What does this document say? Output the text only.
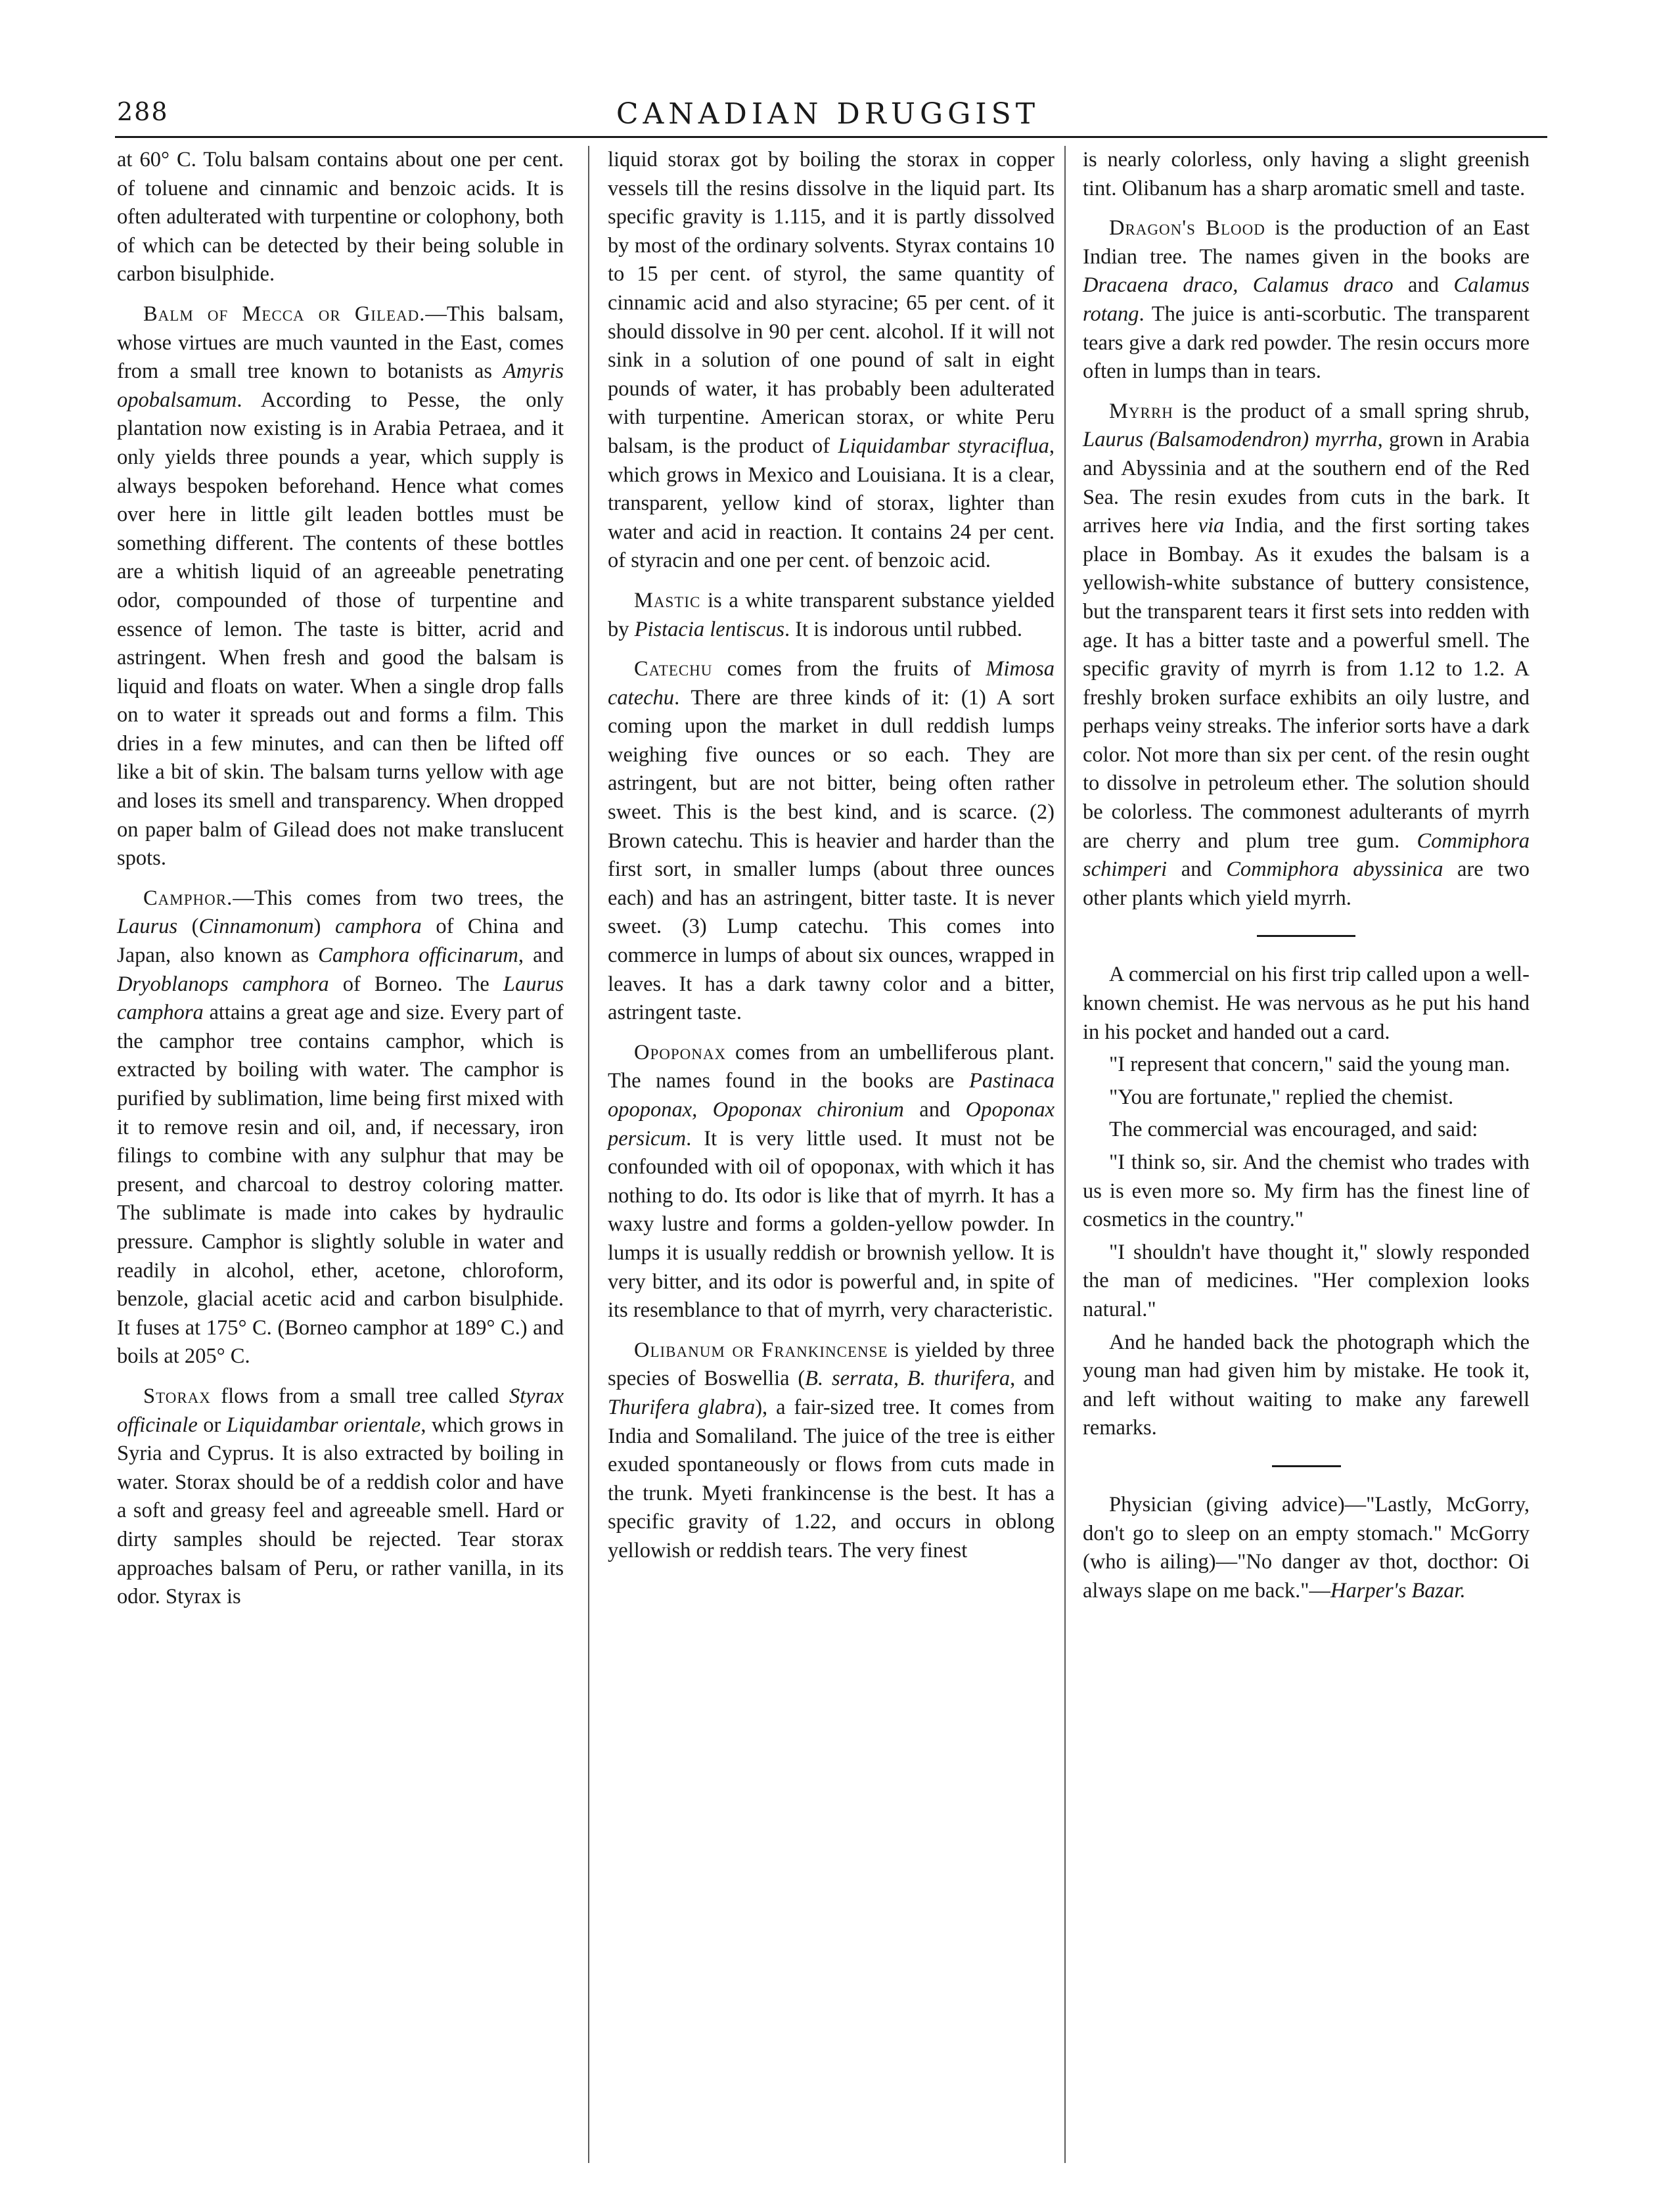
288	CANADIAN DRUGGIST

at 60° C. Tolu balsam contains about one per cent. of toluene and cinnamic and benzoic acids. It is often adulterated with turpentine or colophony, both of which can be detected by their being soluble in carbon bisulphide.

Balm of Mecca or Gilead.—This balsam, whose virtues are much vaunted in the East, comes from a small tree known to botanists as Amyris opobalsamum. According to Pesse, the only plantation now existing is in Arabia Petraea, and it only yields three pounds a year, which supply is always bespoken beforehand. Hence what comes over here in little gilt leaden bottles must be something different. The contents of these bottles are a whitish liquid of an agreeable penetrating odor, compounded of those of turpentine and essence of lemon. The taste is bitter, acrid and astringent. When fresh and good the balsam is liquid and floats on water. When a single drop falls on to water it spreads out and forms a film. This dries in a few minutes, and can then be lifted off like a bit of skin. The balsam turns yellow with age and loses its smell and transparency. When dropped on paper balm of Gilead does not make translucent spots.

Camphor.—This comes from two trees, the Laurus (Cinnamonum) camphora of China and Japan, also known as Camphora officinarum, and Dryoblanops camphora of Borneo. The Laurus camphora attains a great age and size. Every part of the camphor tree contains camphor, which is extracted by boiling with water. The camphor is purified by sublimation, lime being first mixed with it to remove resin and oil, and, if necessary, iron filings to combine with any sulphur that may be present, and charcoal to destroy coloring matter. The sublimate is made into cakes by hydraulic pressure. Camphor is slightly soluble in water and readily in alcohol, ether, acetone, chloroform, benzole, glacial acetic acid and carbon bisulphide. It fuses at 175° C. (Borneo camphor at 189° C.) and boils at 205° C.

Storax flows from a small tree called Styrax officinale or Liquidambar orientale, which grows in Syria and Cyprus. It is also extracted by boiling in water. Storax should be of a reddish color and have a soft and greasy feel and agreeable smell. Hard or dirty samples should be rejected. Tear storax approaches balsam of Peru, or rather vanilla, in its odor. Styrax is

liquid storax got by boiling the storax in copper vessels till the resins dissolve in the liquid part. Its specific gravity is 1.115, and it is partly dissolved by most of the ordinary solvents. Styrax contains 10 to 15 per cent. of styrol, the same quantity of cinnamic acid and also styracine; 65 per cent. of it should dissolve in 90 per cent. alcohol. If it will not sink in a solution of one pound of salt in eight pounds of water, it has probably been adulterated with turpentine. American storax, or white Peru balsam, is the product of Liquidambar styraciflua, which grows in Mexico and Louisiana. It is a clear, transparent, yellow kind of storax, lighter than water and acid in reaction. It contains 24 per cent. of styracin and one per cent. of benzoic acid.

Mastic is a white transparent substance yielded by Pistacia lentiscus. It is indorous until rubbed.

Catechu comes from the fruits of Mimosa catechu. There are three kinds of it: (1) A sort coming upon the market in dull reddish lumps weighing five ounces or so each. They are astringent, but are not bitter, being often rather sweet. This is the best kind, and is scarce. (2) Brown catechu. This is heavier and harder than the first sort, in smaller lumps (about three ounces each) and has an astringent, bitter taste. It is never sweet. (3) Lump catechu. This comes into commerce in lumps of about six ounces, wrapped in leaves. It has a dark tawny color and a bitter, astringent taste.

Opoponax comes from an umbelliferous plant. The names found in the books are Pastinaca opoponax, Opoponax chironium and Opoponax persicum. It is very little used. It must not be confounded with oil of opoponax, with which it has nothing to do. Its odor is like that of myrrh. It has a waxy lustre and forms a golden-yellow powder. In lumps it is usually reddish or brownish yellow. It is very bitter, and its odor is powerful and, in spite of its resemblance to that of myrrh, very characteristic.

Olibanum or Frankincense is yielded by three species of Boswellia (B. serrata, B. thurifera, and Thurifera glabra), a fair-sized tree. It comes from India and Somaliland. The juice of the tree is either exuded spontaneously or flows from cuts made in the trunk. Myeti frankincense is the best. It has a specific gravity of 1.22, and occurs in oblong yellowish or reddish tears. The very finest

is nearly colorless, only having a slight greenish tint. Olibanum has a sharp aromatic smell and taste.

Dragon's Blood is the production of an East Indian tree. The names given in the books are Dracaena draco, Calamus draco and Calamus rotang. The juice is anti-scorbutic. The transparent tears give a dark red powder. The resin occurs more often in lumps than in tears.

Myrrh is the product of a small spring shrub, Laurus (Balsamodendron) myrrha, grown in Arabia and Abyssinia and at the southern end of the Red Sea. The resin exudes from cuts in the bark. It arrives here via India, and the first sorting takes place in Bombay. As it exudes the balsam is a yellowish-white substance of buttery consistence, but the transparent tears it first sets into redden with age. It has a bitter taste and a powerful smell. The specific gravity of myrrh is from 1.12 to 1.2. A freshly broken surface exhibits an oily lustre, and perhaps veiny streaks. The inferior sorts have a dark color. Not more than six per cent. of the resin ought to dissolve in petroleum ether. The solution should be colorless. The commonest adulterants of myrrh are cherry and plum tree gum. Commiphora schimperi and Commiphora abyssinica are two other plants which yield myrrh.

A commercial on his first trip called upon a well-known chemist. He was nervous as he put his hand in his pocket and handed out a card.

"I represent that concern," said the young man.

"You are fortunate," replied the chemist.

The commercial was encouraged, and said:

"I think so, sir. And the chemist who trades with us is even more so. My firm has the finest line of cosmetics in the country."

"I shouldn't have thought it," slowly responded the man of medicines. "Her complexion looks natural."

And he handed back the photograph which the young man had given him by mistake. He took it, and left without waiting to make any farewell remarks.

Physician (giving advice)—"Lastly, McGorry, don't go to sleep on an empty stomach." McGorry (who is ailing)—"No danger av thot, docthor: Oi always slape on me back."—Harper's Bazar.
